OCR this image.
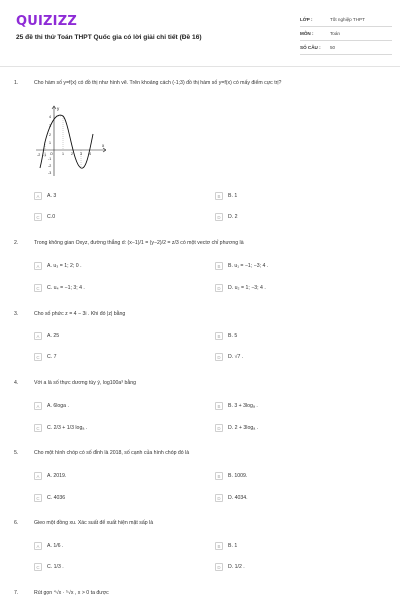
QUIZIZZ
25 đề thi thử Toán THPT Quốc gia có lời giải chi tiết (Đề 16)
LỚP :	Tốt nghiệp THPT
MÔN :	Toán
SỐ CÂU :	50
1.	Cho hàm số y=f(x) có đồ thị như hình vẽ. Trên khoảng cách (-1;3) đồ thị hàm số y=f(x) có mấy điểm cực trị?
x
y
-2 -1 O	1 2 3 4
4
3
2
1
-1
-2
-3
A	A. 3	B	B. 1
C	C.0	D	D. 2
2.	Trong không gian Oxyz, đường thẳng d: (x−1)/1 = (y−2)/2 = z/3 có một vectơ chỉ phương là
A	A. u₃ = 1; 2; 0 .	B	B. u₁ = −1; −3; 4 .
C	C. u₄ = −1; 3; 4 .	D	D. u₂ = 1; −3; 4 .
3.	Cho số phức z = 4 − 3i . Khi đó |z| bằng
A	A. 25	B	B. 5
C	C. 7	D	D. √7 .
4.	Với a là số thực dương tùy ý, log100a³ bằng
A	A. 6loga .	B	B. 3 + 3logₐ .
C	C. 2/3 + 1/3 logₐ .	D	D. 2 + 3logₐ .
5.	Cho một hình chóp có số đỉnh là 2018, số cạnh của hình chóp đó là
A	A. 2019.	B	B. 1009.
C	C. 4036	D	D. 4034.
6.	Gieo một đồng xu. Xác suất để xuất hiện mặt sấp là
A	A. 1/6 .	B	B. 1
C	C. 1/3 .	D	D. 1/2 .
7.	Rút gọn ⁴√x · ⁵√x , x > 0 ta được
